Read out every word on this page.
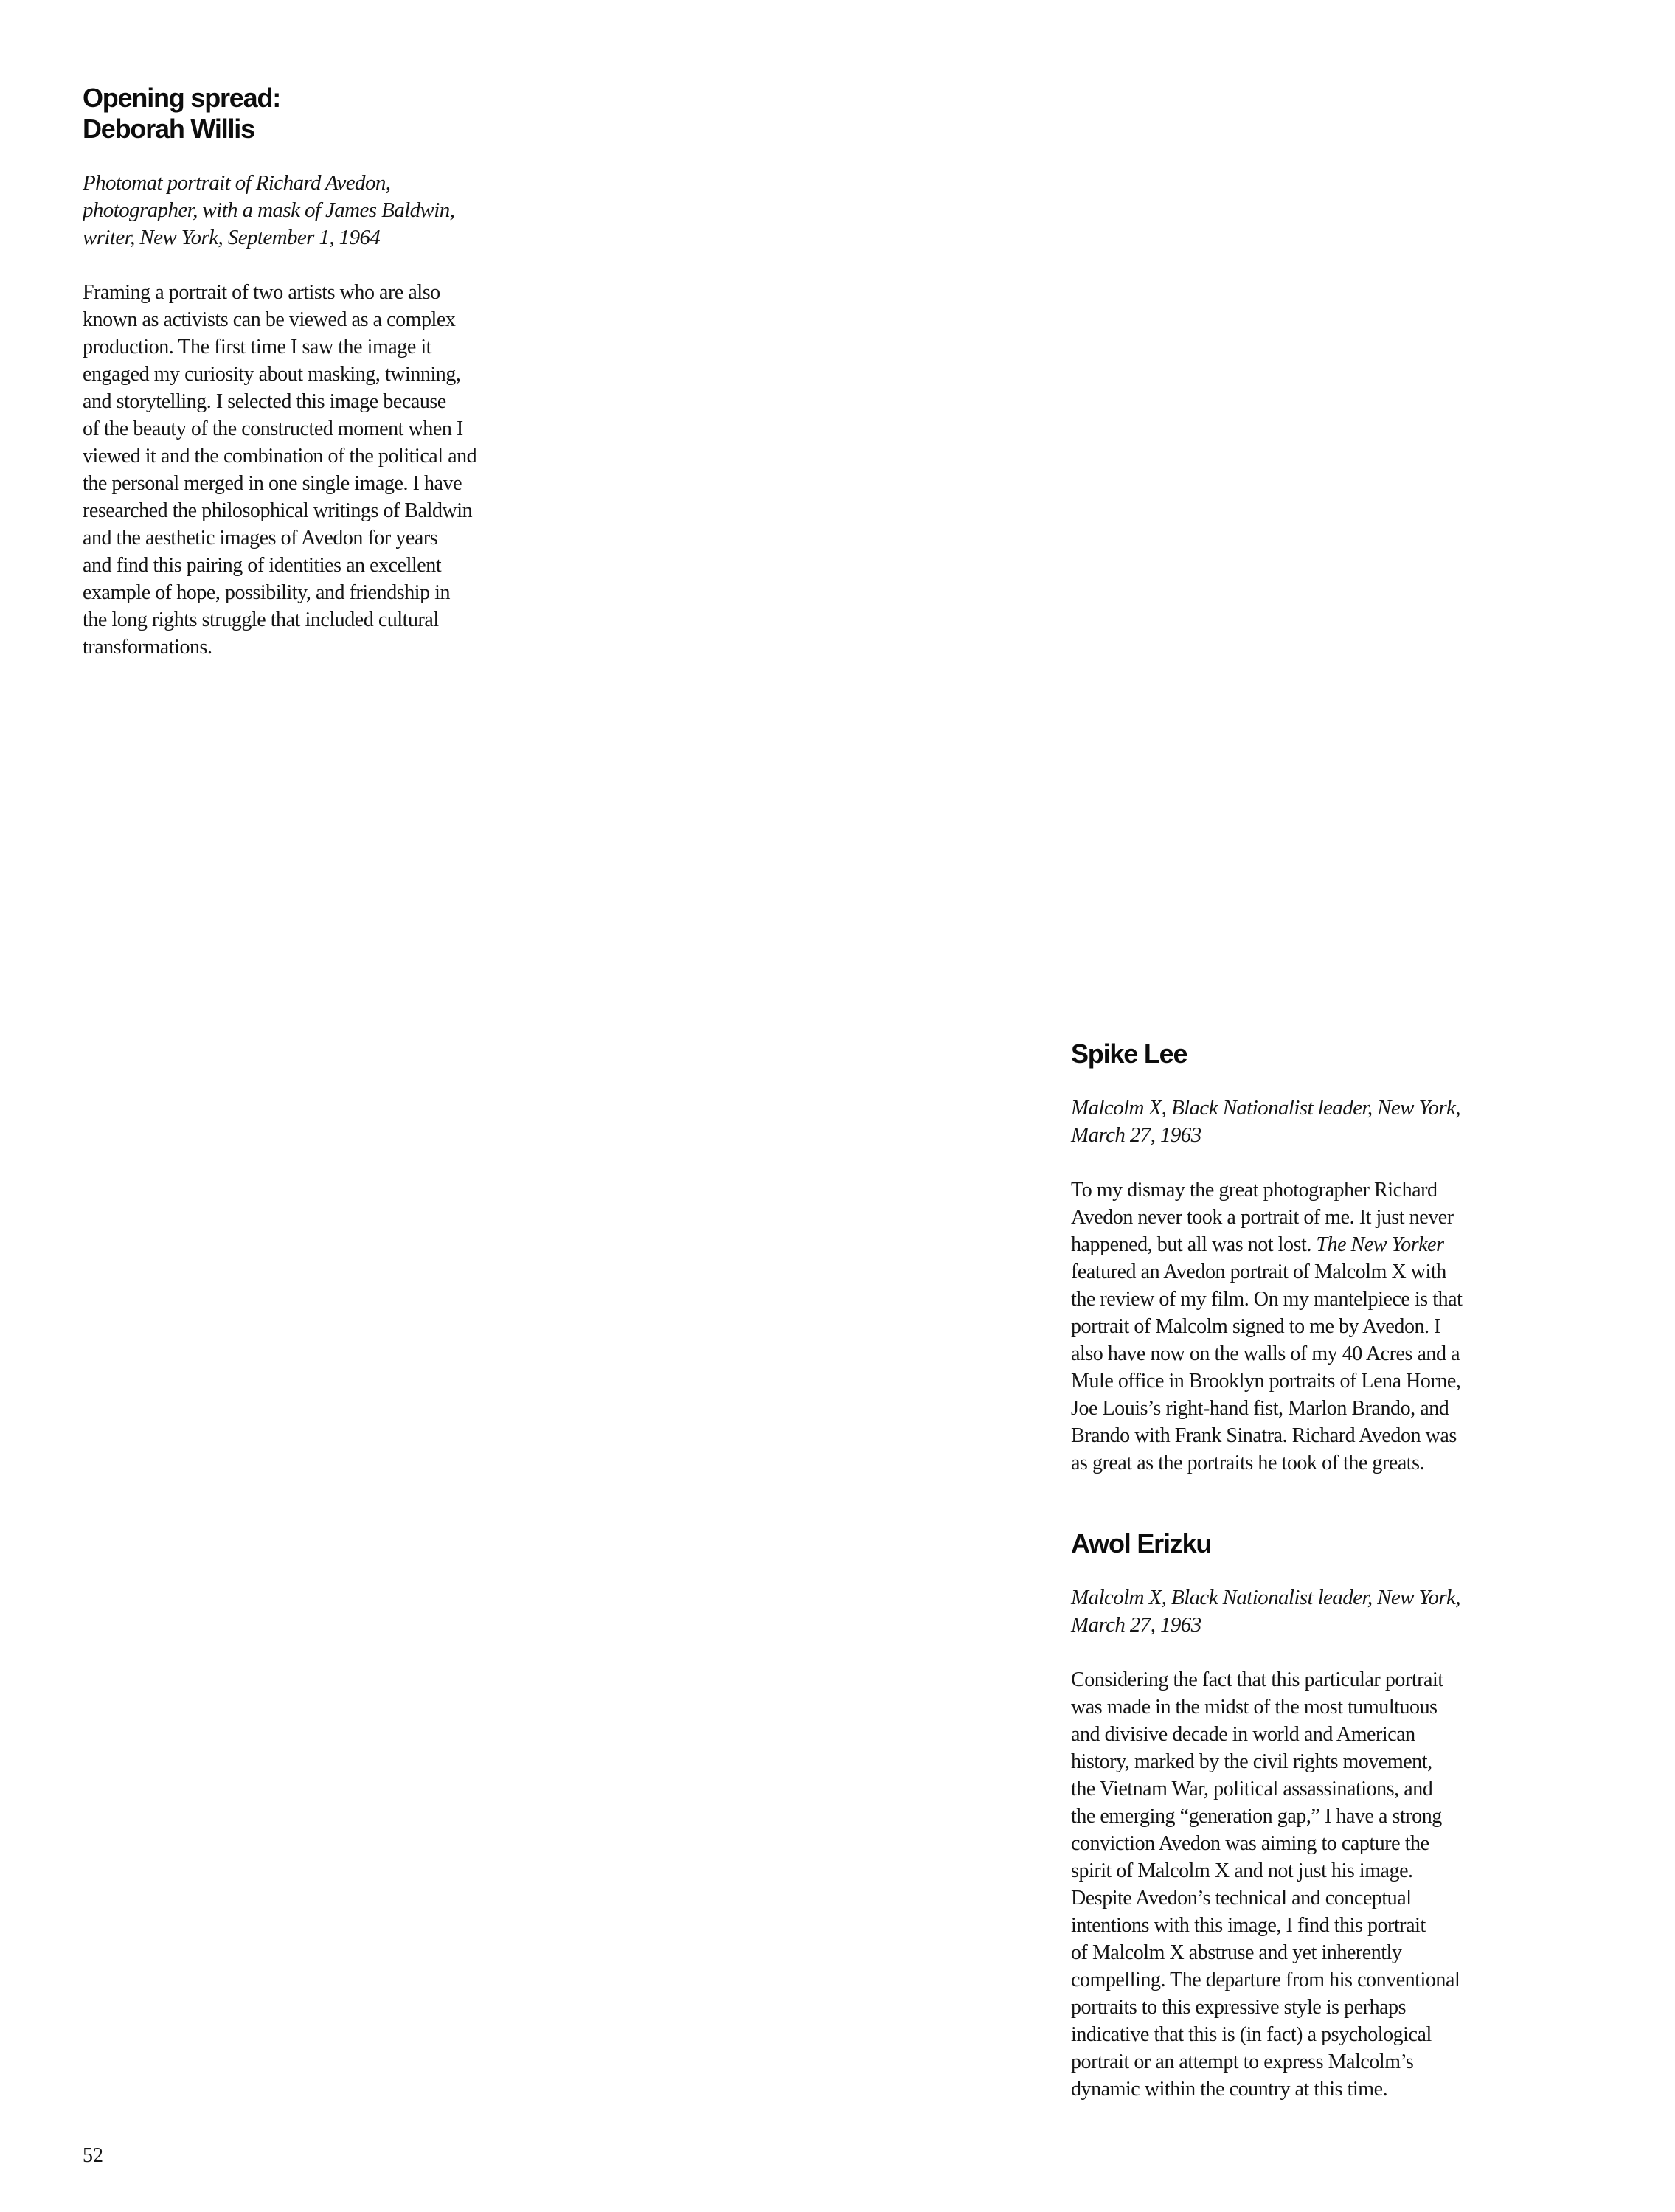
Opening spread:
Deborah Willis

Photomat portrait of Richard Avedon,
photographer, with a mask of James Baldwin,
writer, New York, September 1, 1964

Framing a portrait of two artists who are also
known as activists can be viewed as a complex
production. The first time I saw the image it
engaged my curiosity about masking, twinning,
and storytelling. I selected this image because
of the beauty of the constructed moment when I
viewed it and the combination of the political and
the personal merged in one single image. I have
researched the philosophical writings of Baldwin
and the aesthetic images of Avedon for years
and find this pairing of identities an excellent
example of hope, possibility, and friendship in
the long rights struggle that included cultural
transformations.

Spike Lee

Malcolm X, Black Nationalist leader, New York,
March 27, 1963

To my dismay the great photographer Richard
Avedon never took a portrait of me. It just never
happened, but all was not lost. The New Yorker
featured an Avedon portrait of Malcolm X with
the review of my film. On my mantelpiece is that
portrait of Malcolm signed to me by Avedon. I
also have now on the walls of my 40 Acres and a
Mule office in Brooklyn portraits of Lena Horne,
Joe Louis’s right-hand fist, Marlon Brando, and
Brando with Frank Sinatra. Richard Avedon was
as great as the portraits he took of the greats.

Awol Erizku

Malcolm X, Black Nationalist leader, New York,
March 27, 1963

Considering the fact that this particular portrait
was made in the midst of the most tumultuous
and divisive decade in world and American
history, marked by the civil rights movement,
the Vietnam War, political assassinations, and
the emerging “generation gap,” I have a strong
conviction Avedon was aiming to capture the
spirit of Malcolm X and not just his image.
Despite Avedon’s technical and conceptual
intentions with this image, I find this portrait
of Malcolm X abstruse and yet inherently
compelling. The departure from his conventional
portraits to this expressive style is perhaps
indicative that this is (in fact) a psychological
portrait or an attempt to express Malcolm’s
dynamic within the country at this time.

52
